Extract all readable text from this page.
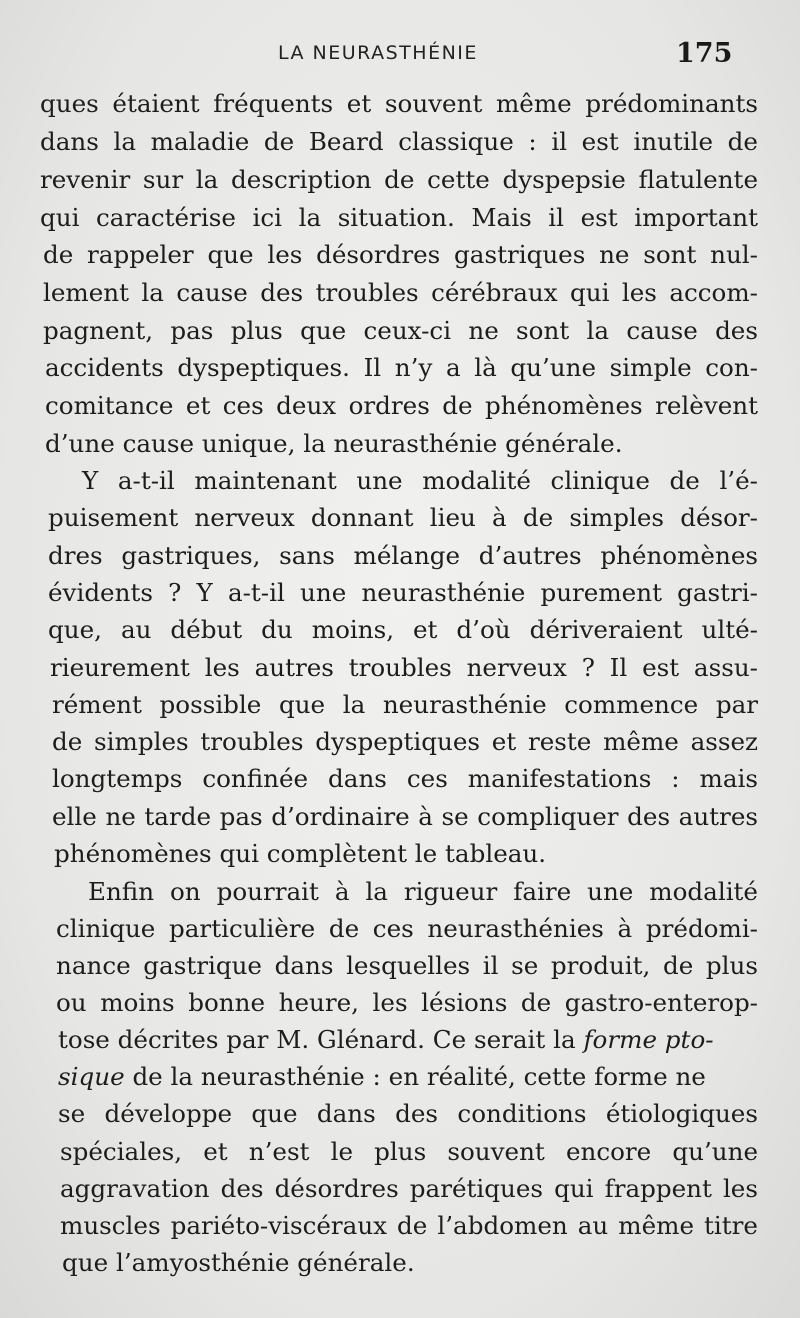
LA NEURASTHÉNIE	175
ques étaient fréquents et souvent même prédominants
dans la maladie de Beard classique : il est inutile de
revenir sur la description de cette dyspepsie flatulente
qui caractérise ici la situation. Mais il est important
de rappeler que les désordres gastriques ne sont nul-
lement la cause des troubles cérébraux qui les accom-
pagnent, pas plus que ceux-ci ne sont la cause des
accidents dyspeptiques. Il n’y a là qu’une simple con-
comitance et ces deux ordres de phénomènes relèvent
d’une cause unique, la neurasthénie générale.
Y a-t-il maintenant une modalité clinique de l’é-
puisement nerveux donnant lieu à de simples désor-
dres gastriques, sans mélange d’autres phénomènes
évidents ? Y a-t-il une neurasthénie purement gastri-
que, au début du moins, et d’où dériveraient ulté-
rieurement les autres troubles nerveux ? Il est assu-
rément possible que la neurasthénie commence par
de simples troubles dyspeptiques et reste même assez
longtemps confinée dans ces manifestations : mais
elle ne tarde pas d’ordinaire à se compliquer des autres
phénomènes qui complètent le tableau.
Enfin on pourrait à la rigueur faire une modalité
clinique particulière de ces neurasthénies à prédomi-
nance gastrique dans lesquelles il se produit, de plus
ou moins bonne heure, les lésions de gastro-enterop-
tose décrites par M. Glénard. Ce serait la forme pto-
sique de la neurasthénie : en réalité, cette forme ne
se développe que dans des conditions étiologiques
spéciales, et n’est le plus souvent encore qu’une
aggravation des désordres parétiques qui frappent les
muscles pariéto-viscéraux de l’abdomen au même titre
que l’amyosthénie générale.
